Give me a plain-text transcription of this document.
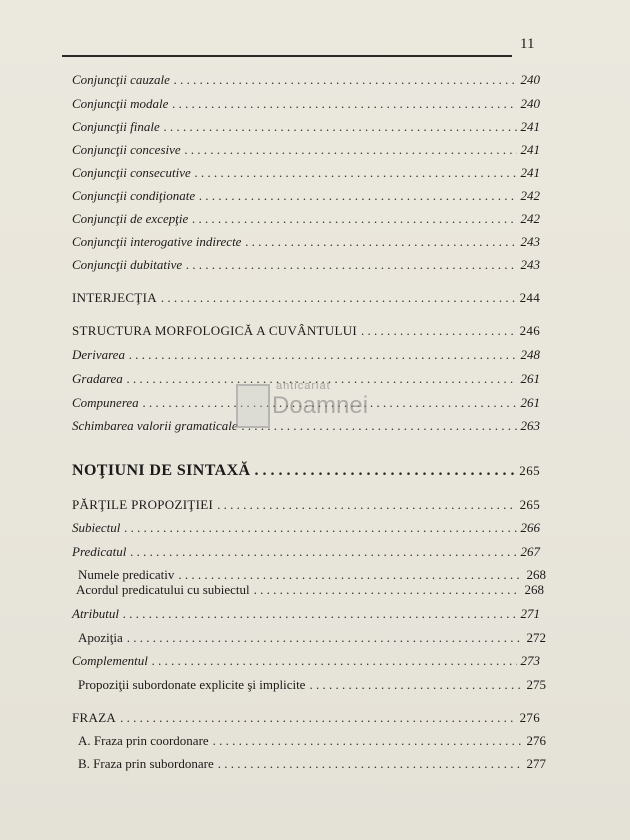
11
Conjuncţii cauzale . . .	240
Conjuncţii modale . . .	240
Conjuncţii finale . . .	241
Conjuncţii concesive . . .	241
Conjuncţii consecutive . . .	241
Conjuncţii condiţionate . . .	242
Conjuncţii de excepţie . . .	242
Conjuncţii interogative indirecte . . .	243
Conjuncţii dubitative . . .	243
INTERJECŢIA . . .	244
STRUCTURA MORFOLOGICĂ A CUVÂNTULUI . . .	246
Derivarea . . .	248
Gradarea . . .	261
Compunerea . . .	261
Schimbarea valorii gramaticale . . .	263
NOŢIUNI DE SINTAXĂ . . .	265
PĂRŢILE PROPOZIŢIEI . . .	265
Subiectul . . .	266
Predicatul . . .	267
Numele predicativ . . .	268
Acordul predicatului cu subiectul . . .	268
Atributul . . .	271
Apoziţia . . .	272
Complementul . . .	273
Propoziţii subordonate explicite şi implicite . . .	275
FRAZA . . .	276
A. Fraza prin coordonare . . .	276
B. Fraza prin subordonare . . .	277
anticariat
Doamnei
